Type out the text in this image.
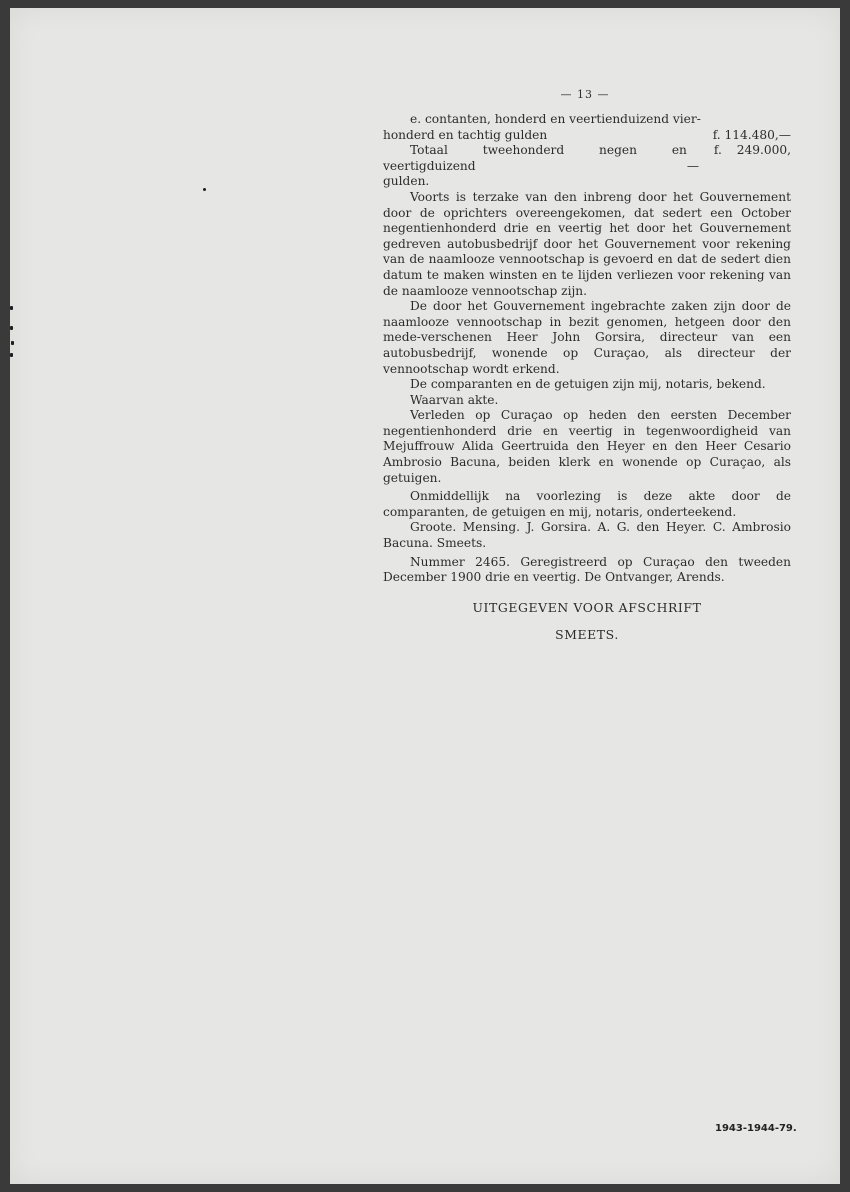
— 13 —

e. contanten, honderd en veertienduizend vier-

honderd en tachtig gulden	f. 114.480,—

Totaal tweehonderd negen en veertigduizend
f. 249.000,—

gulden.

Voorts is terzake van den inbreng door het Gouvernement door de oprichters overeengekomen, dat sedert een October negentienhonderd drie en veertig het door het Gouvernement gedreven autobusbedrijf door het Gouvernement voor rekening van de naamlooze vennootschap is gevoerd en dat de sedert dien datum te maken winsten en te lijden verliezen voor rekening van de naamlooze vennootschap zijn.

De door het Gouvernement ingebrachte zaken zijn door de naamlooze vennootschap in bezit genomen, hetgeen door den mede-verschenen Heer John Gorsira, directeur van een autobusbedrijf, wonende op Curaçao, als directeur der vennootschap wordt erkend.

De comparanten en de getuigen zijn mij, notaris, bekend.

Waarvan akte.

Verleden op Curaçao op heden den eersten December negentienhonderd drie en veertig in tegenwoordigheid van Mejuffrouw Alida Geertruida den Heyer en den Heer Cesario Ambrosio Bacuna, beiden klerk en wonende op Curaçao, als getuigen.

Onmiddellijk na voorlezing is deze akte door de comparanten, de getuigen en mij, notaris, onderteekend.

Groote. Mensing. J. Gorsira. A. G. den Heyer. C. Ambrosio Bacuna. Smeets.

Nummer 2465. Geregistreerd op Curaçao den tweeden December 1900 drie en veertig. De Ontvanger, Arends.

UITGEGEVEN VOOR AFSCHRIFT

SMEETS.

1943-1944-79.
